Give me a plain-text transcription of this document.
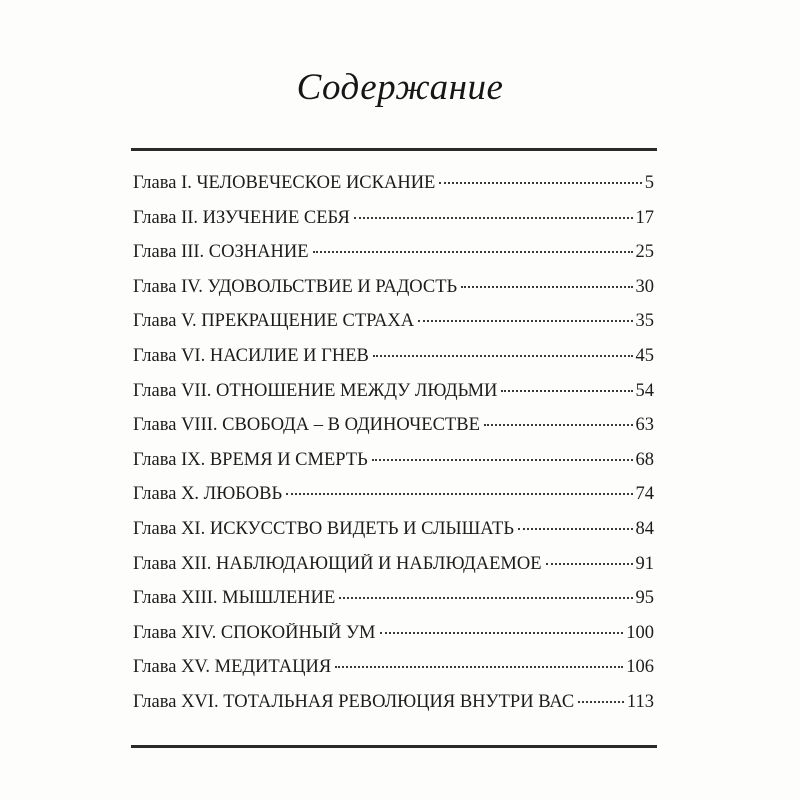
Содержание
Глава I. ЧЕЛОВЕЧЕСКОЕ ИСКАНИЕ	5
Глава II. ИЗУЧЕНИЕ СЕБЯ	17
Глава III. СОЗНАНИЕ	25
Глава IV. УДОВОЛЬСТВИЕ И РАДОСТЬ	30
Глава V. ПРЕКРАЩЕНИЕ СТРАХА	35
Глава VI. НАСИЛИЕ И ГНЕВ	45
Глава VII. ОТНОШЕНИЕ МЕЖДУ ЛЮДЬМИ	54
Глава VIII. СВОБОДА – В ОДИНОЧЕСТВЕ	63
Глава IX. ВРЕМЯ И СМЕРТЬ	68
Глава X. ЛЮБОВЬ	74
Глава XI. ИСКУССТВО ВИДЕТЬ И СЛЫШАТЬ	84
Глава XII. НАБЛЮДАЮЩИЙ И НАБЛЮДАЕМОЕ	91
Глава XIII. МЫШЛЕНИЕ	95
Глава XIV. СПОКОЙНЫЙ УМ	100
Глава XV. МЕДИТАЦИЯ	106
Глава XVI. ТОТАЛЬНАЯ РЕВОЛЮЦИЯ ВНУТРИ ВАС	113
